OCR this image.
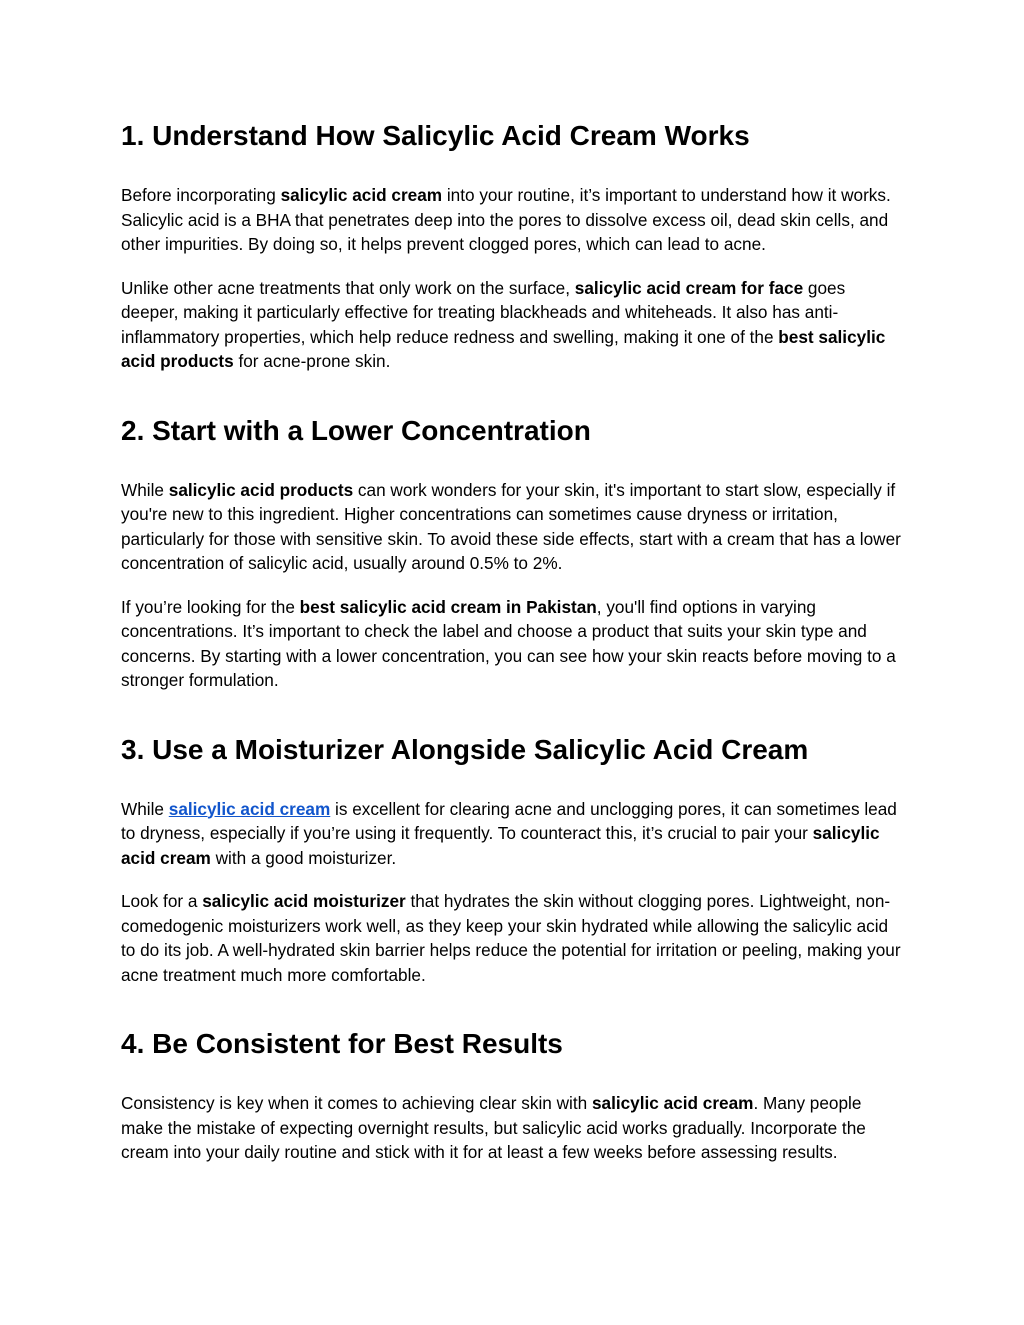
1. Understand How Salicylic Acid Cream Works

Before incorporating salicylic acid cream into your routine, it’s important to understand how it works. Salicylic acid is a BHA that penetrates deep into the pores to dissolve excess oil, dead skin cells, and other impurities. By doing so, it helps prevent clogged pores, which can lead to acne.

Unlike other acne treatments that only work on the surface, salicylic acid cream for face goes deeper, making it particularly effective for treating blackheads and whiteheads. It also has anti-inflammatory properties, which help reduce redness and swelling, making it one of the best salicylic acid products for acne-prone skin.

2. Start with a Lower Concentration

While salicylic acid products can work wonders for your skin, it's important to start slow, especially if you're new to this ingredient. Higher concentrations can sometimes cause dryness or irritation, particularly for those with sensitive skin. To avoid these side effects, start with a cream that has a lower concentration of salicylic acid, usually around 0.5% to 2%.

If you’re looking for the best salicylic acid cream in Pakistan, you'll find options in varying concentrations. It’s important to check the label and choose a product that suits your skin type and concerns. By starting with a lower concentration, you can see how your skin reacts before moving to a stronger formulation.

3. Use a Moisturizer Alongside Salicylic Acid Cream

While salicylic acid cream is excellent for clearing acne and unclogging pores, it can sometimes lead to dryness, especially if you’re using it frequently. To counteract this, it’s crucial to pair your salicylic acid cream with a good moisturizer.

Look for a salicylic acid moisturizer that hydrates the skin without clogging pores. Lightweight, non-comedogenic moisturizers work well, as they keep your skin hydrated while allowing the salicylic acid to do its job. A well-hydrated skin barrier helps reduce the potential for irritation or peeling, making your acne treatment much more comfortable.

4. Be Consistent for Best Results

Consistency is key when it comes to achieving clear skin with salicylic acid cream. Many people make the mistake of expecting overnight results, but salicylic acid works gradually. Incorporate the cream into your daily routine and stick with it for at least a few weeks before assessing results.
